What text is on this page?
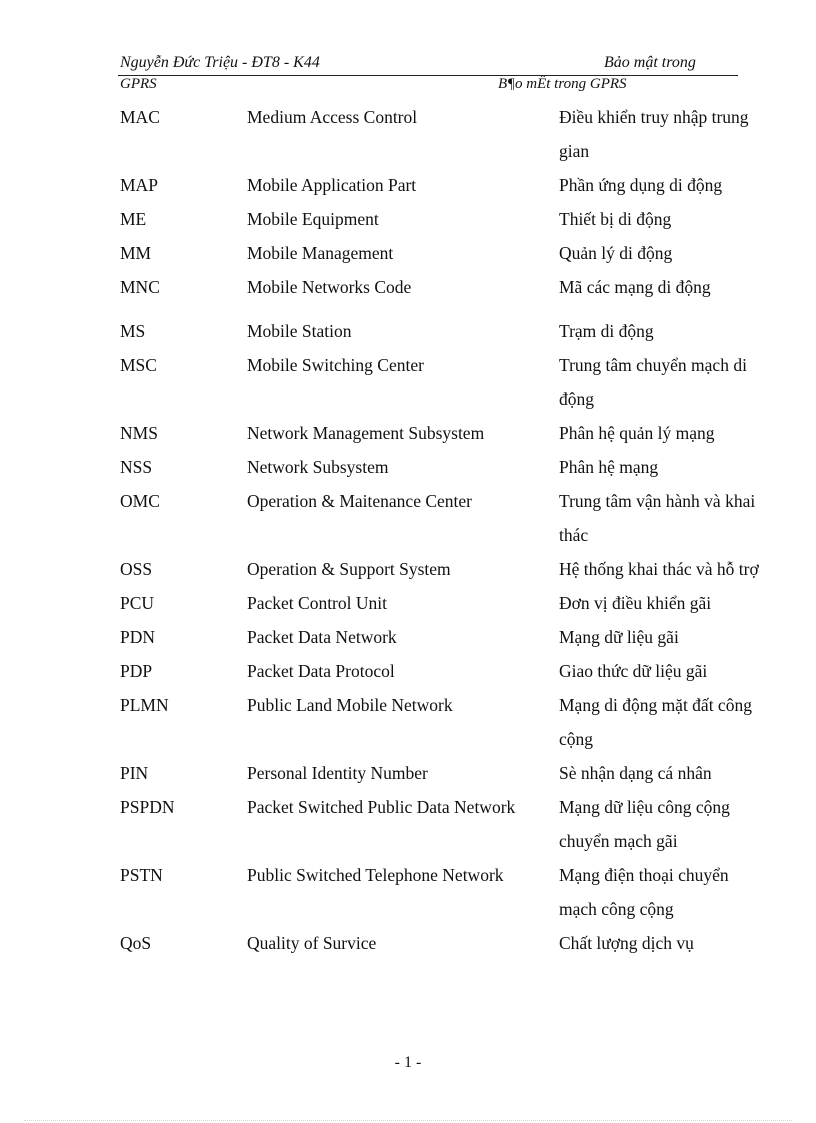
Nguyễn Đức Triệu - ĐT8 - K44	Bảo mật trong
GPRS	B¶o mËt trong GPRS
MAC	Medium Access Control	Điều khiển truy nhập trung gian
MAP	Mobile Application Part	Phần ứng dụng di động
ME	Mobile Equipment	Thiết bị di động
MM	Mobile Management	Quản lý di động
MNC	Mobile Networks Code	Mã các mạng di động
MS	Mobile Station	Trạm di động
MSC	Mobile Switching Center	Trung tâm chuyển mạch di động
NMS	Network Management Subsystem	Phân hệ quản lý mạng
NSS	Network Subsystem	Phân hệ mạng
OMC	Operation & Maitenance Center	Trung tâm vận hành và khai thác
OSS	Operation & Support System	Hệ thống khai thác và hỗ trợ
PCU	Packet Control Unit	Đơn vị điều khiển gãi
PDN	Packet Data Network	Mạng dữ liệu gãi
PDP	Packet Data Protocol	Giao thức dữ liệu gãi
PLMN	Public Land Mobile Network	Mạng di động mặt đất công cộng
PIN	Personal Identity Number	Sè nhận dạng cá nhân
PSPDN	Packet Switched Public Data Network	Mạng dữ liệu công cộng chuyển mạch gãi
PSTN	Public Switched Telephone Network	Mạng điện thoại chuyển mạch công cộng
QoS	Quality of Survice	Chất lượng dịch vụ
- 1 -
